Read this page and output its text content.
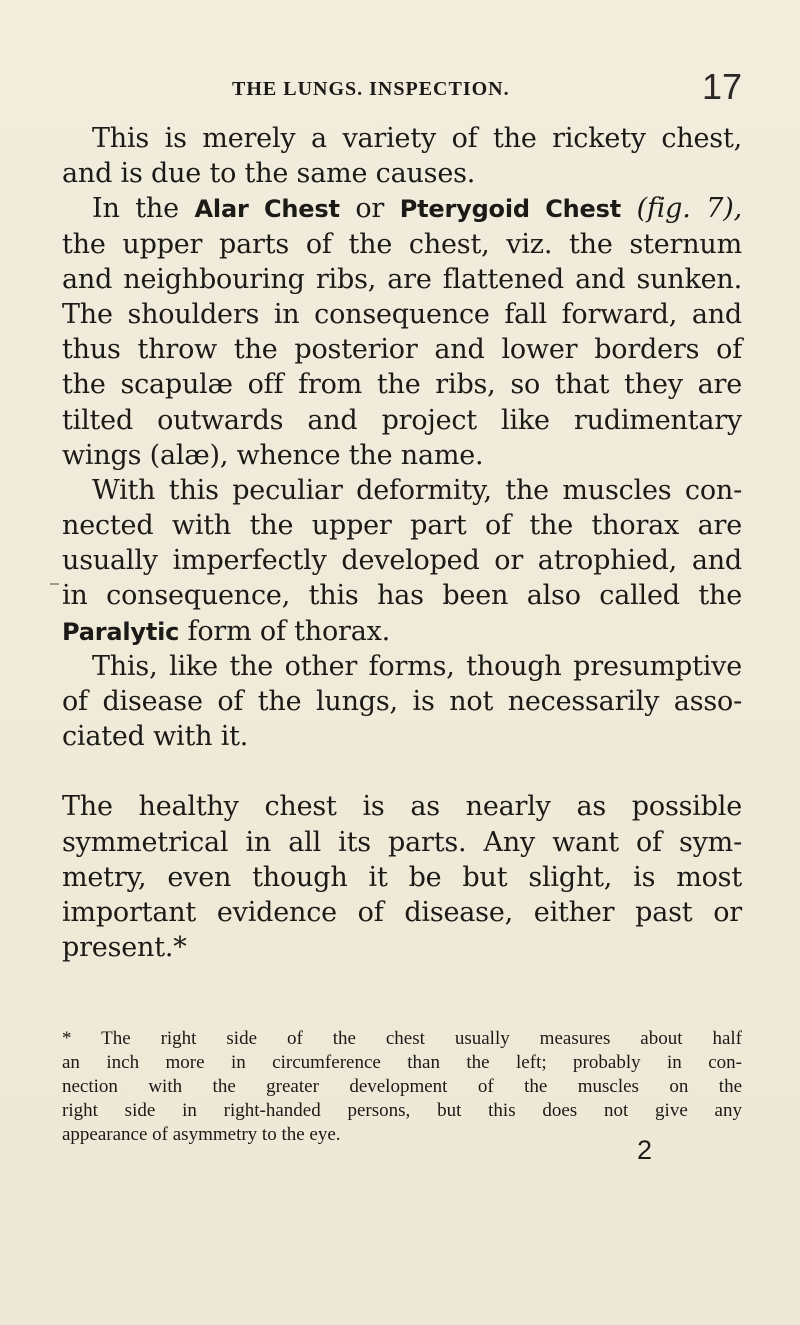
THE LUNGS. INSPECTION.	17
This is merely a variety of the rickety chest,
and is due to the same causes.
In the Alar Chest or Pterygoid Chest (fig. 7),
the upper parts of the chest, viz. the sternum
and neighbouring ribs, are flattened and sunken.
The shoulders in consequence fall forward, and
thus throw the posterior and lower borders of
the scapulæ off from the ribs, so that they are
tilted outwards and project like rudimentary
wings (alæ), whence the name.
With this peculiar deformity, the muscles con-
nected with the upper part of the thorax are
usually imperfectly developed or atrophied, and
in consequence, this has been also called the
Paralytic form of thorax.
This, like the other forms, though presumptive
of disease of the lungs, is not necessarily asso-
ciated with it.
The healthy chest is as nearly as possible
symmetrical in all its parts. Any want of sym-
metry, even though it be but slight, is most
important evidence of disease, either past or
present.*
* The right side of the chest usually measures about half
an inch more in circumference than the left; probably in con-
nection with the greater development of the muscles on the
right side in right-handed persons, but this does not give any
appearance of asymmetry to the eye.
2
